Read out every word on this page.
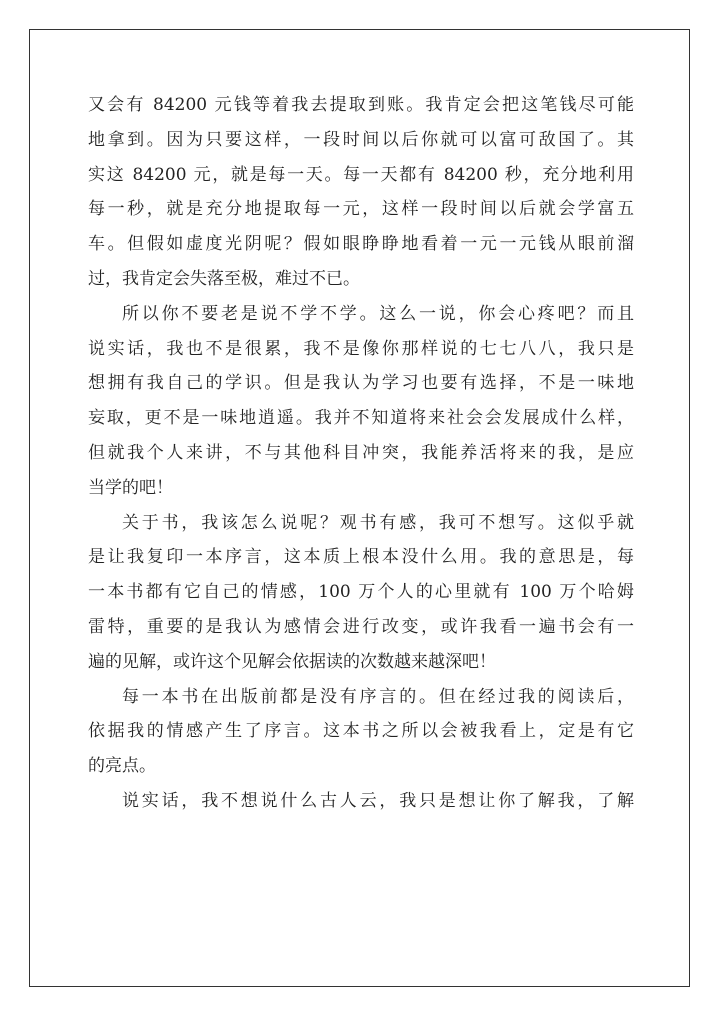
又会有 84200 元钱等着我去提取到账。我肯定会把这笔钱尽可能
地拿到。因为只要这样，一段时间以后你就可以富可敌国了。其
实这 84200 元，就是每一天。每一天都有 84200 秒，充分地利用
每一秒，就是充分地提取每一元，这样一段时间以后就会学富五
车。但假如虚度光阴呢？假如眼睁睁地看着一元一元钱从眼前溜
过，我肯定会失落至极，难过不已。
所以你不要老是说不学不学。这么一说，你会心疼吧？而且
说实话，我也不是很累，我不是像你那样说的七七八八，我只是
想拥有我自己的学识。但是我认为学习也要有选择，不是一味地
妄取，更不是一味地逍遥。我并不知道将来社会会发展成什么样，
但就我个人来讲，不与其他科目冲突，我能养活将来的我，是应
当学的吧！
关于书，我该怎么说呢？观书有感，我可不想写。这似乎就
是让我复印一本序言，这本质上根本没什么用。我的意思是，每
一本书都有它自己的情感，100 万个人的心里就有 100 万个哈姆
雷特，重要的是我认为感情会进行改变，或许我看一遍书会有一
遍的见解，或许这个见解会依据读的次数越来越深吧！
每一本书在出版前都是没有序言的。但在经过我的阅读后，
依据我的情感产生了序言。这本书之所以会被我看上，定是有它
的亮点。
说实话，我不想说什么古人云，我只是想让你了解我，了解
